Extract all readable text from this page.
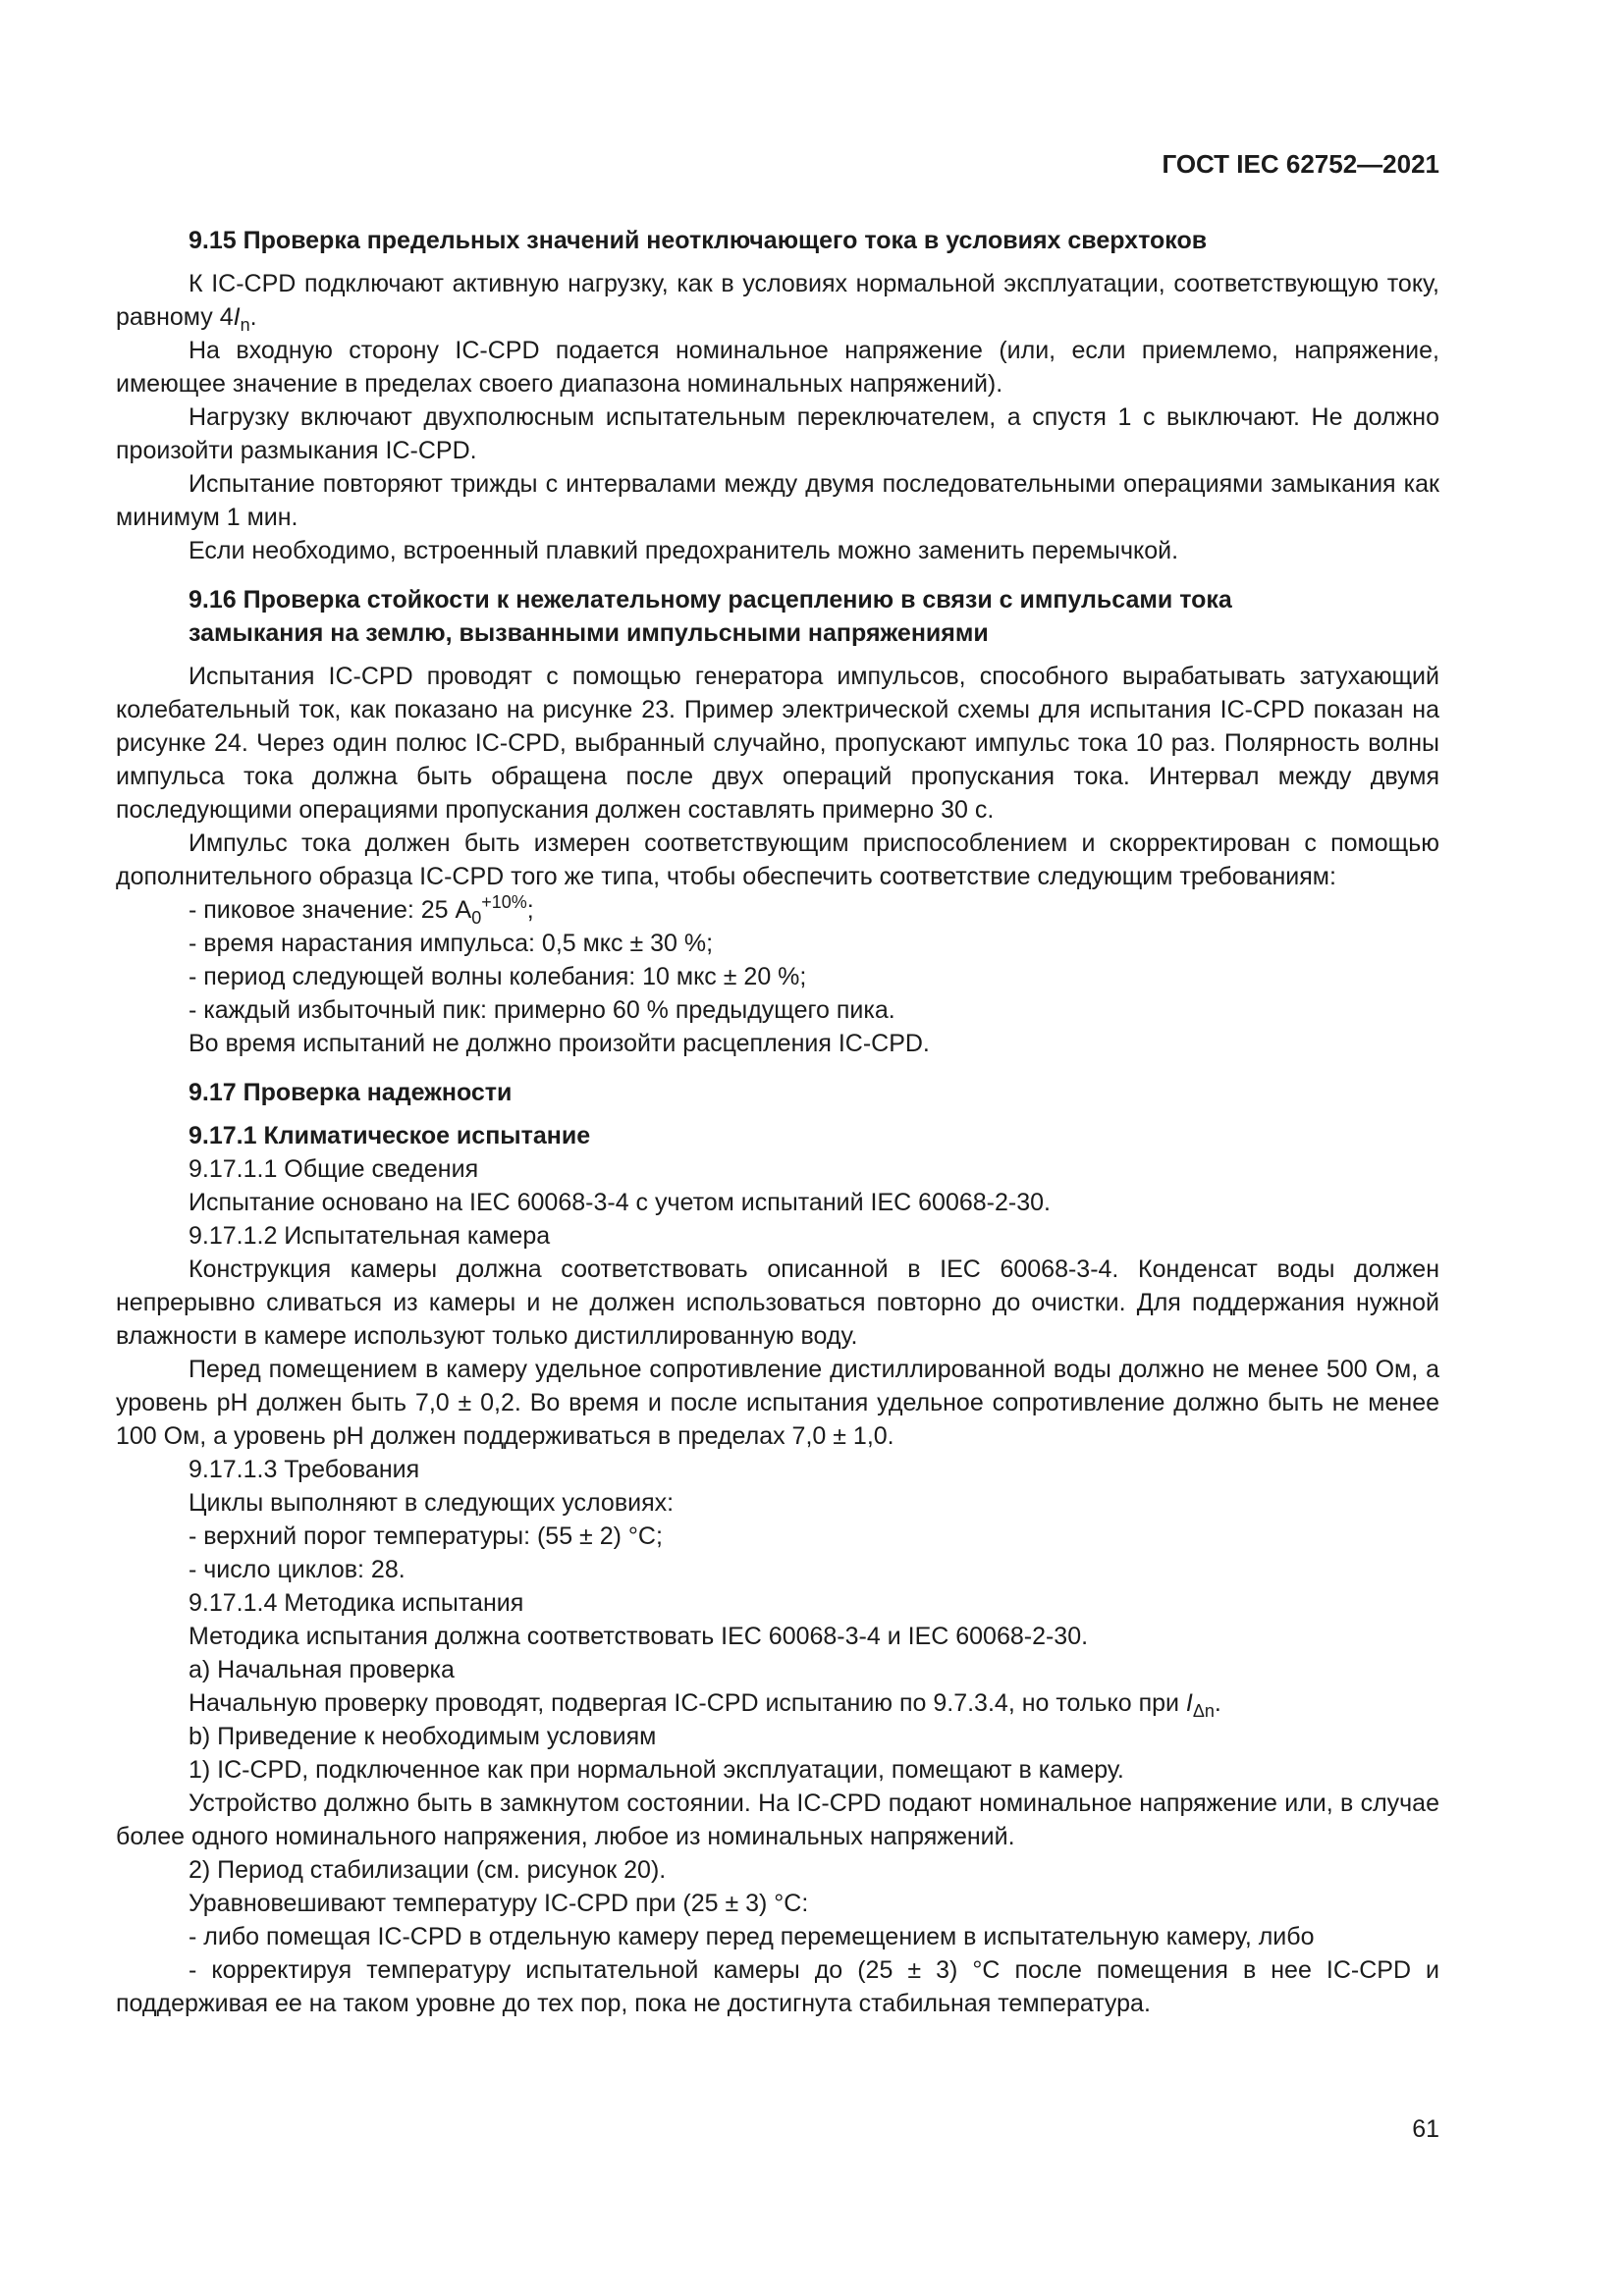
ГОСТ IEC 62752—2021

9.15 Проверка предельных значений неотключающего тока в условиях сверхтоков

К IC-CPD подключают активную нагрузку, как в условиях нормальной эксплуатации, соответствующую току, равному $4I_n$.

На входную сторону IC-CPD подается номинальное напряжение (или, если приемлемо, напряжение, имеющее значение в пределах своего диапазона номинальных напряжений).

Нагрузку включают двухполюсным испытательным переключателем, а спустя 1 с выключают. Не должно произойти размыкания IC-CPD.

Испытание повторяют трижды с интервалами между двумя последовательными операциями замыкания как минимум 1 мин.

Если необходимо, встроенный плавкий предохранитель можно заменить перемычкой.

9.16 Проверка стойкости к нежелательному расцеплению в связи с импульсами тока
замыкания на землю, вызванными импульсными напряжениями

Испытания IC-CPD проводят с помощью генератора импульсов, способного вырабатывать затухающий колебательный ток, как показано на рисунке 23. Пример электрической схемы для испытания IC-CPD показан на рисунке 24. Через один полюс IC-CPD, выбранный случайно, пропускают импульс тока 10 раз. Полярность волны импульса тока должна быть обращена после двух операций пропускания тока. Интервал между двумя последующими операциями пропускания должен составлять примерно 30 с.

Импульс тока должен быть измерен соответствующим приспособлением и скорректирован с помощью дополнительного образца IC-CPD того же типа, чтобы обеспечить соответствие следующим требованиям:

- пиковое значение: 25 $А_0^{+10\%}$;

- время нарастания импульса: 0,5 мкс ± 30 %;

- период следующей волны колебания: 10 мкс ± 20 %;

- каждый избыточный пик: примерно 60 % предыдущего пика.

Во время испытаний не должно произойти расцепления IC-CPD.

9.17 Проверка надежности

9.17.1 Климатическое испытание

9.17.1.1 Общие сведения

Испытание основано на IEC 60068-3-4 с учетом испытаний IEC 60068-2-30.

9.17.1.2 Испытательная камера

Конструкция камеры должна соответствовать описанной в IEC 60068-3-4. Конденсат воды должен непрерывно сливаться из камеры и не должен использоваться повторно до очистки. Для поддержания нужной влажности в камере используют только дистиллированную воду.

Перед помещением в камеру удельное сопротивление дистиллированной воды должно не менее 500 Ом, а уровень pH должен быть 7,0 ± 0,2. Во время и после испытания удельное сопротивление должно быть не менее 100 Ом, а уровень pH должен поддерживаться в пределах 7,0 ± 1,0.

9.17.1.3 Требования

Циклы выполняют в следующих условиях:

- верхний порог температуры: (55 ± 2) °С;

- число циклов: 28.

9.17.1.4 Методика испытания

Методика испытания должна соответствовать IEC 60068-3-4 и IEC 60068-2-30.

a) Начальная проверка

Начальную проверку проводят, подвергая IC-CPD испытанию по 9.7.3.4, но только при $I_{\Delta n}$.

b) Приведение к необходимым условиям

1) IC-CPD, подключенное как при нормальной эксплуатации, помещают в камеру.

Устройство должно быть в замкнутом состоянии. На IC-CPD подают номинальное напряжение или, в случае более одного номинального напряжения, любое из номинальных напряжений.

2) Период стабилизации (см. рисунок 20).

Уравновешивают температуру IC-CPD при (25 ± 3) °С:

- либо помещая IC-CPD в отдельную камеру перед перемещением в испытательную камеру, либо

- корректируя температуру испытательной камеры до (25 ± 3) °С после помещения в нее IC-CPD и поддерживая ее на таком уровне до тех пор, пока не достигнута стабильная температура.

61
